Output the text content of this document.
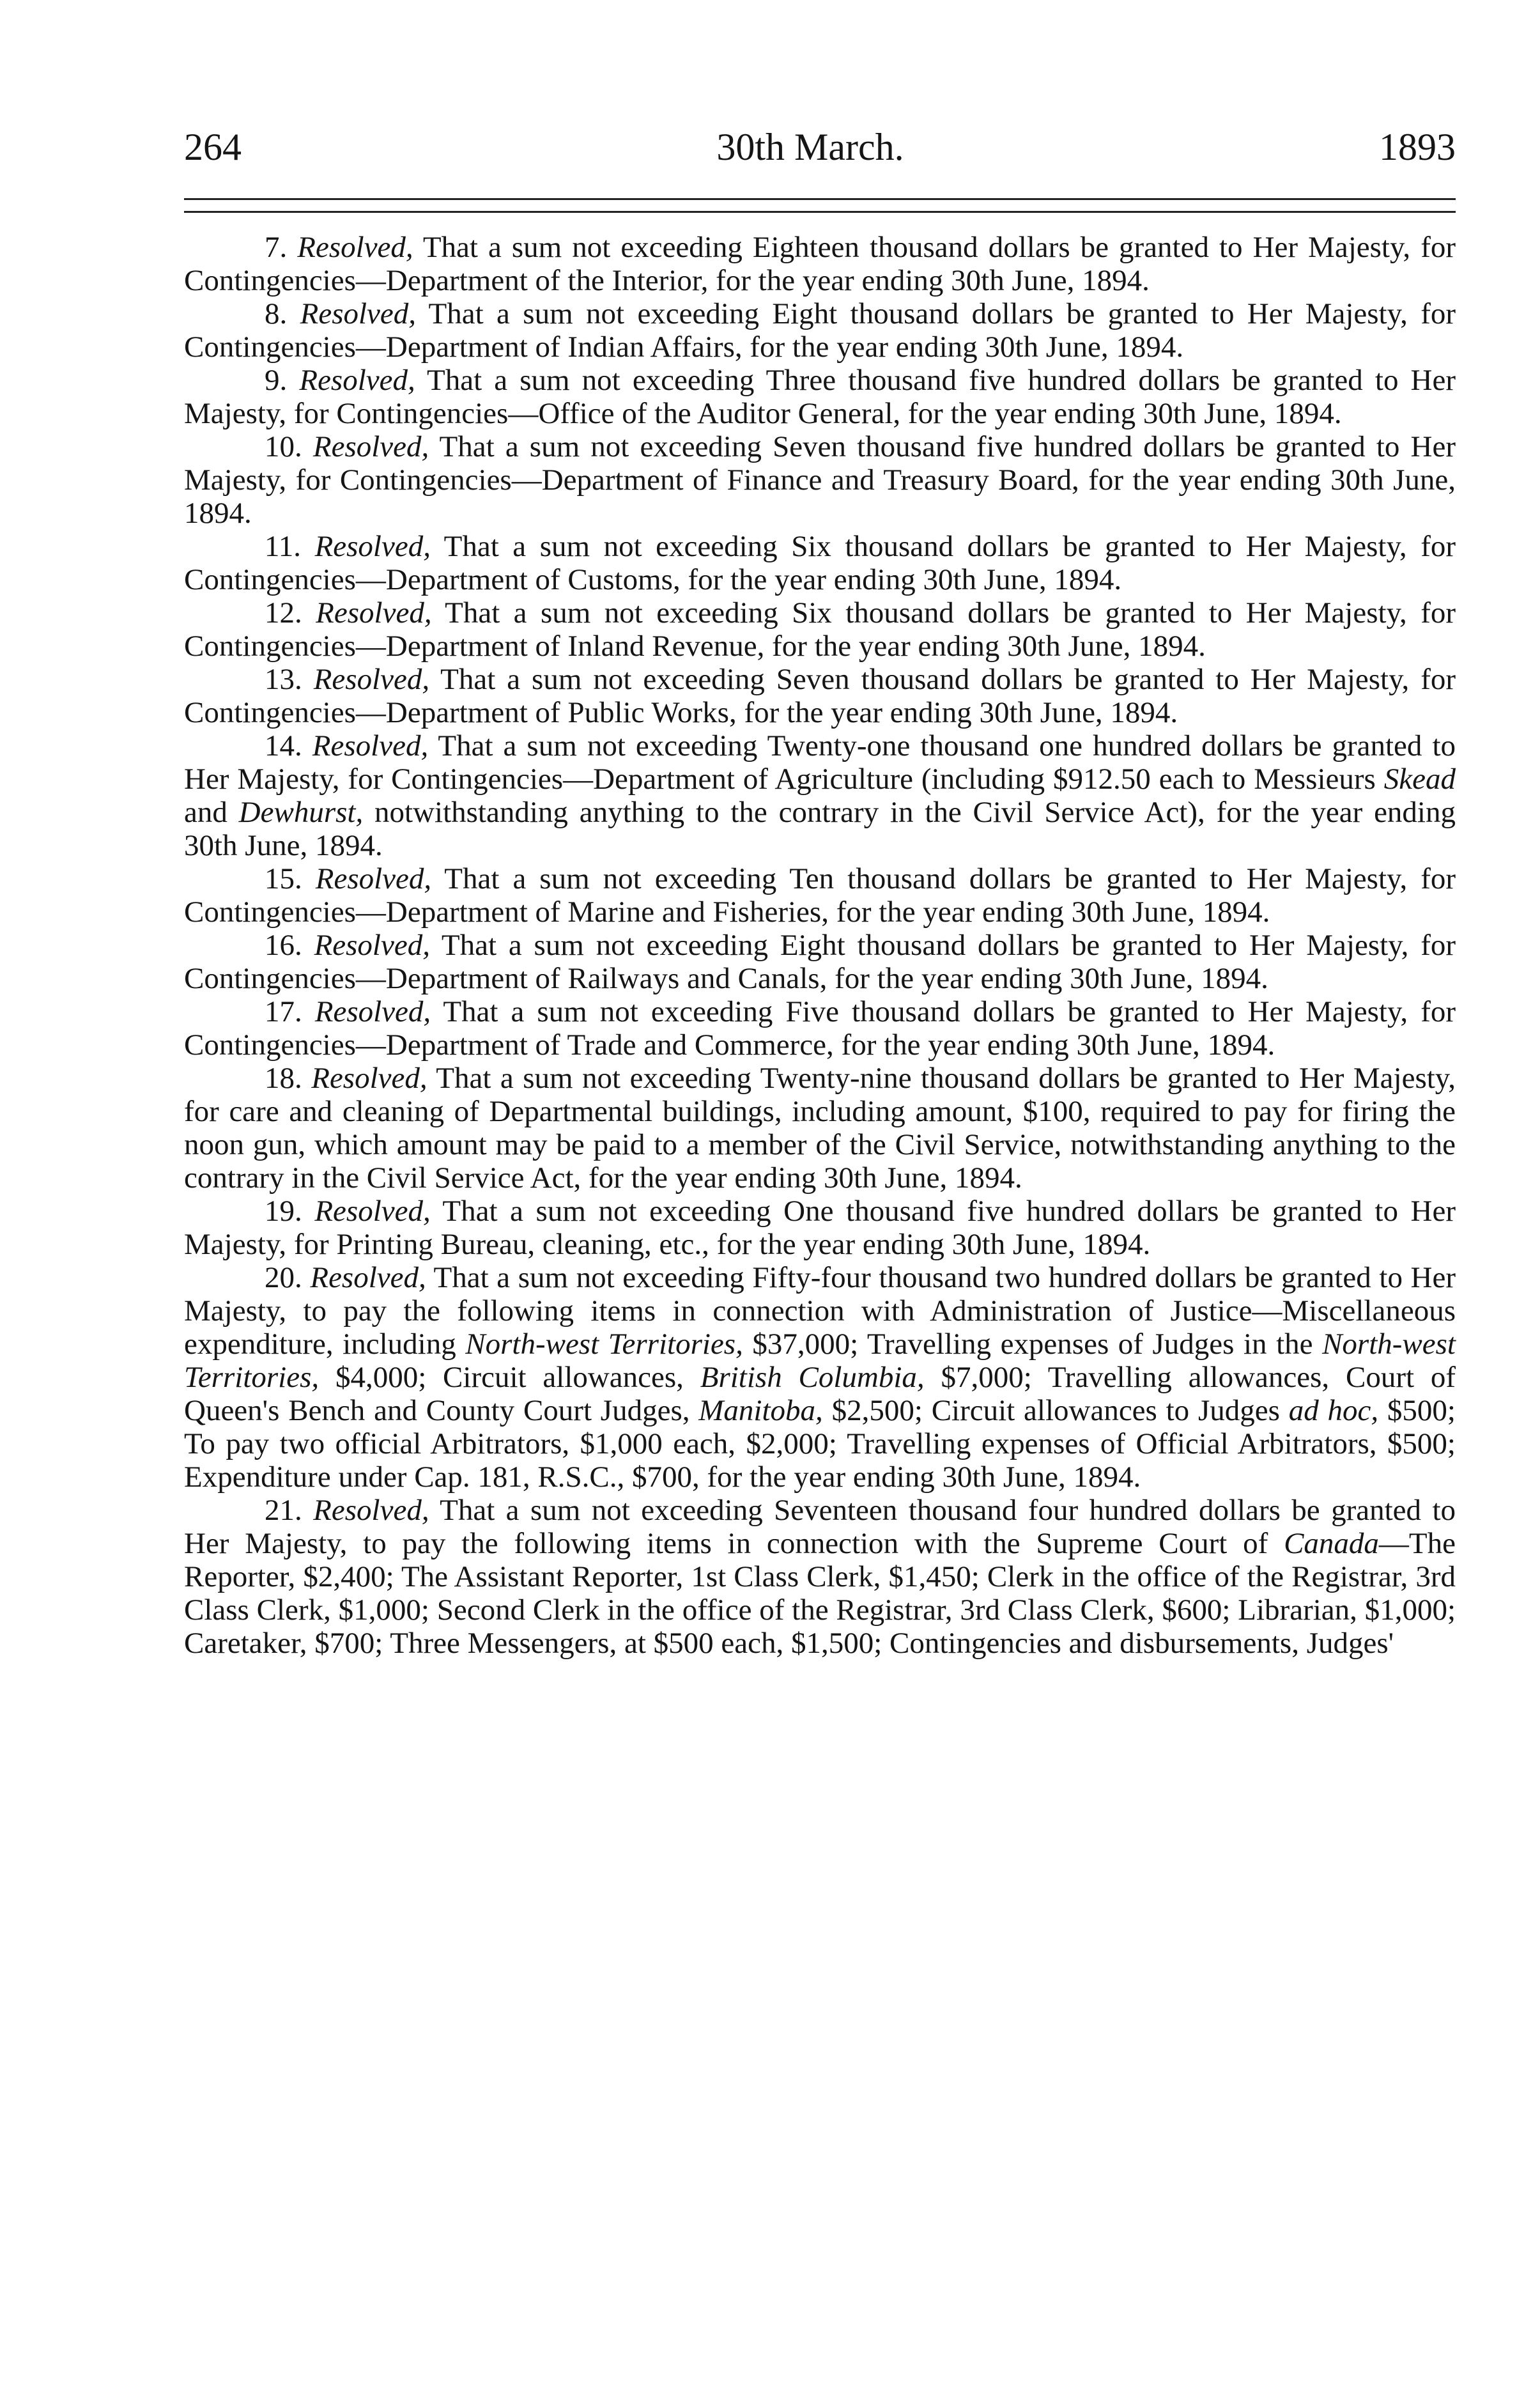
264	30th March.	1893

7. Resolved, That a sum not exceeding Eighteen thousand dollars be granted to Her Majesty, for Contingencies—Department of the Interior, for the year ending 30th June, 1894.

8. Resolved, That a sum not exceeding Eight thousand dollars be granted to Her Majesty, for Contingencies—Department of Indian Affairs, for the year ending 30th June, 1894.

9. Resolved, That a sum not exceeding Three thousand five hundred dollars be granted to Her Majesty, for Contingencies—Office of the Auditor General, for the year ending 30th June, 1894.

10. Resolved, That a sum not exceeding Seven thousand five hundred dollars be granted to Her Majesty, for Contingencies—Department of Finance and Treasury Board, for the year ending 30th June, 1894.

11. Resolved, That a sum not exceeding Six thousand dollars be granted to Her Majesty, for Contingencies—Department of Customs, for the year ending 30th June, 1894.

12. Resolved, That a sum not exceeding Six thousand dollars be granted to Her Majesty, for Contingencies—Department of Inland Revenue, for the year ending 30th June, 1894.

13. Resolved, That a sum not exceeding Seven thousand dollars be granted to Her Majesty, for Contingencies—Department of Public Works, for the year ending 30th June, 1894.

14. Resolved, That a sum not exceeding Twenty-one thousand one hundred dollars be granted to Her Majesty, for Contingencies—Department of Agriculture (including $912.50 each to Messieurs Skead and Dewhurst, notwithstanding anything to the contrary in the Civil Service Act), for the year ending 30th June, 1894.

15. Resolved, That a sum not exceeding Ten thousand dollars be granted to Her Majesty, for Contingencies—Department of Marine and Fisheries, for the year ending 30th June, 1894.

16. Resolved, That a sum not exceeding Eight thousand dollars be granted to Her Majesty, for Contingencies—Department of Railways and Canals, for the year ending 30th June, 1894.

17. Resolved, That a sum not exceeding Five thousand dollars be granted to Her Majesty, for Contingencies—Department of Trade and Commerce, for the year ending 30th June, 1894.

18. Resolved, That a sum not exceeding Twenty-nine thousand dollars be granted to Her Majesty, for care and cleaning of Departmental buildings, including amount, $100, required to pay for firing the noon gun, which amount may be paid to a member of the Civil Service, notwithstanding anything to the contrary in the Civil Service Act, for the year ending 30th June, 1894.

19. Resolved, That a sum not exceeding One thousand five hundred dollars be granted to Her Majesty, for Printing Bureau, cleaning, etc., for the year ending 30th June, 1894.

20. Resolved, That a sum not exceeding Fifty-four thousand two hundred dollars be granted to Her Majesty, to pay the following items in connection with Administration of Justice—Miscellaneous expenditure, including North-west Territories, $37,000; Travelling expenses of Judges in the North-west Territories, $4,000; Circuit allowances, British Columbia, $7,000; Travelling allowances, Court of Queen's Bench and County Court Judges, Manitoba, $2,500; Circuit allowances to Judges ad hoc, $500; To pay two official Arbitrators, $1,000 each, $2,000; Travelling expenses of Official Arbitrators, $500; Expenditure under Cap. 181, R.S.C., $700, for the year ending 30th June, 1894.

21. Resolved, That a sum not exceeding Seventeen thousand four hundred dollars be granted to Her Majesty, to pay the following items in connection with the Supreme Court of Canada—The Reporter, $2,400; The Assistant Reporter, 1st Class Clerk, $1,450; Clerk in the office of the Registrar, 3rd Class Clerk, $1,000; Second Clerk in the office of the Registrar, 3rd Class Clerk, $600; Librarian, $1,000; Caretaker, $700; Three Messengers, at $500 each, $1,500; Contingencies and disbursements, Judges'
